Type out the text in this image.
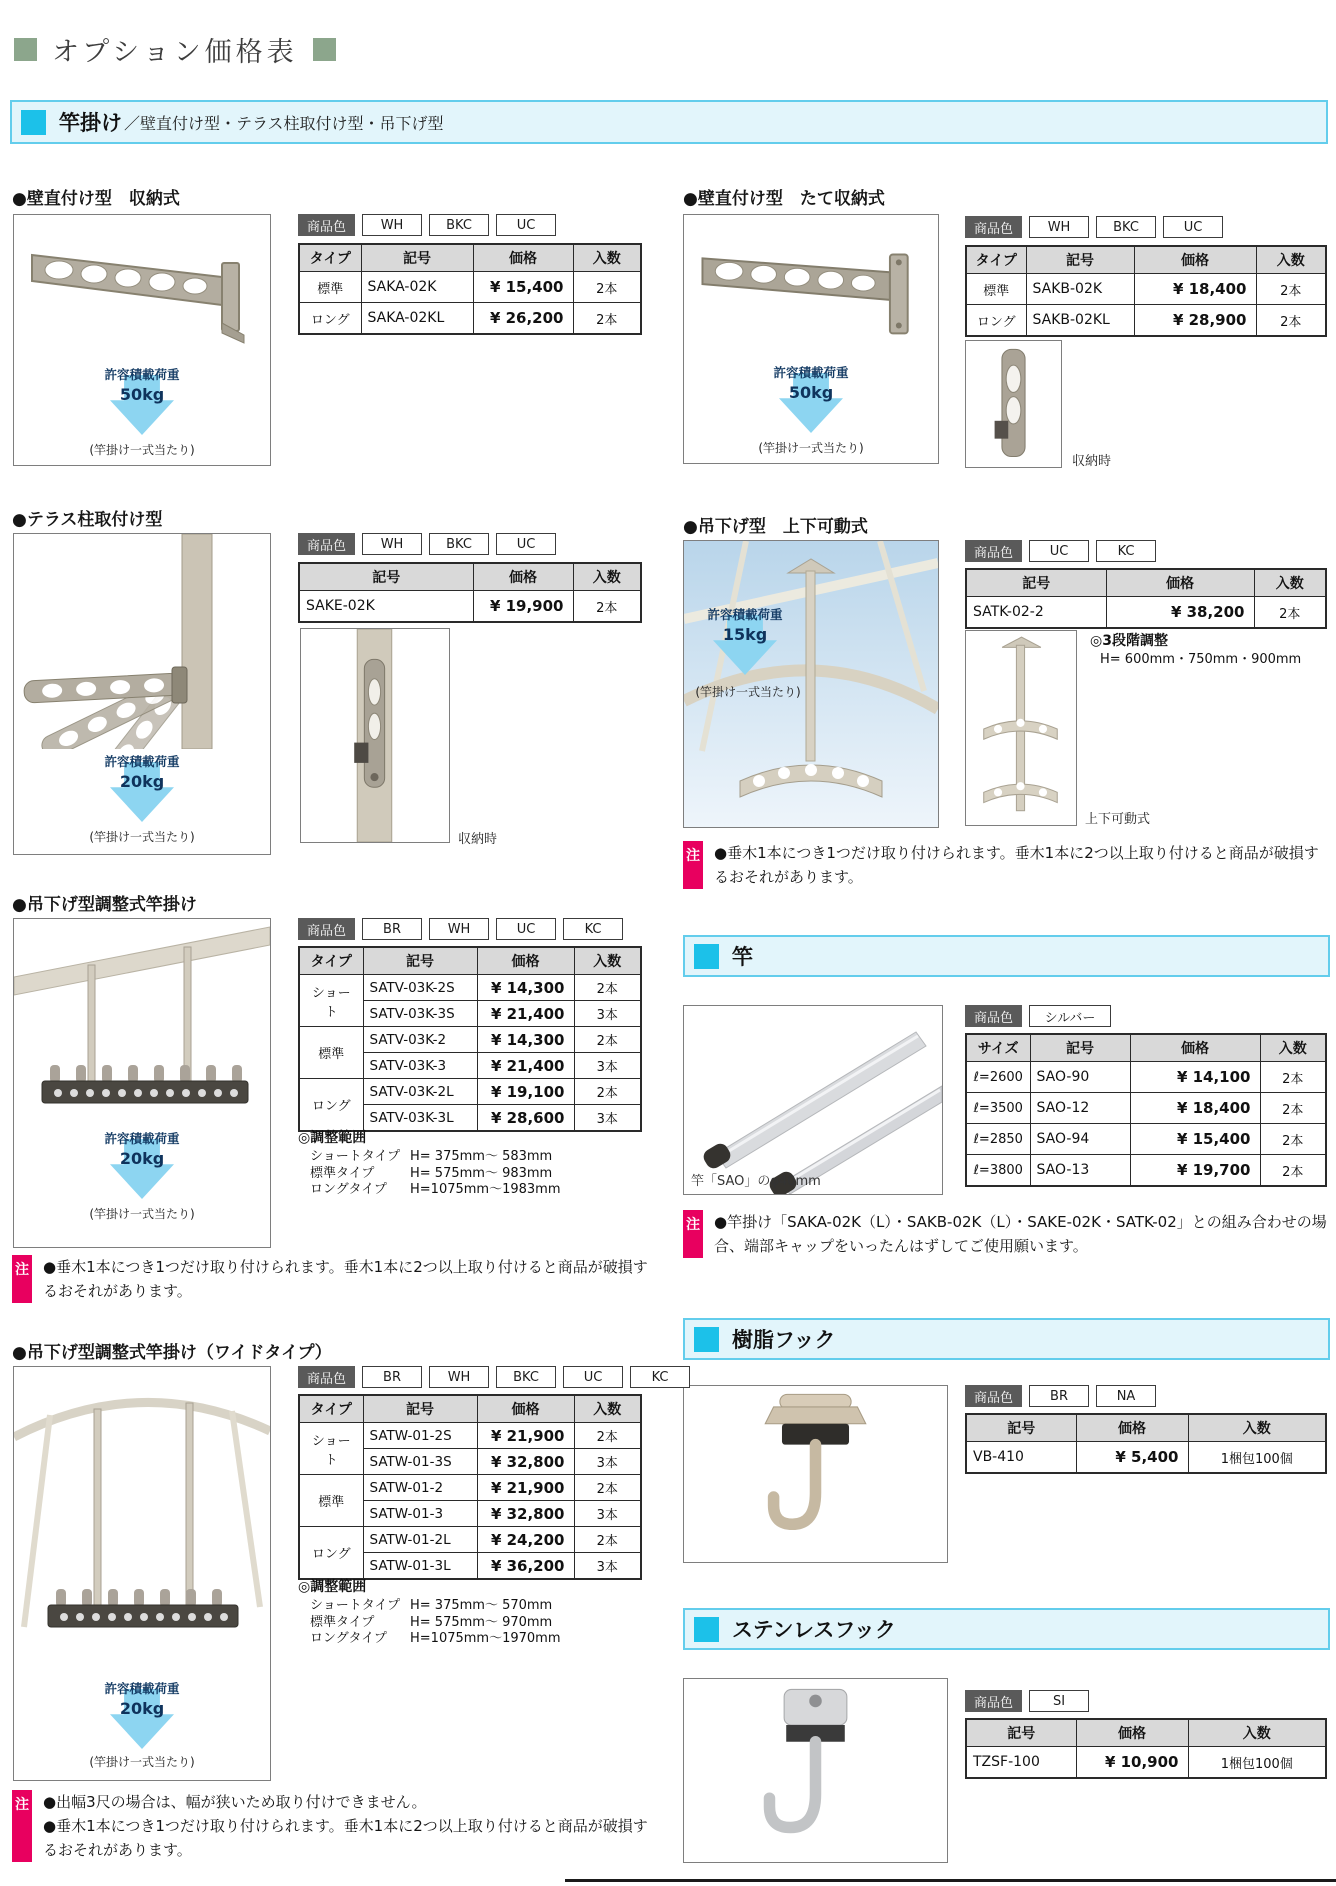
オプション価格表
竿掛け ／壁直付け型・テラス柱取付け型・吊下げ型
●壁直付け型　収納式
許容積載荷重
50kg
(竿掛け一式当たり)
商品色	WH	BKC	UC
タイプ	記号	価格	入数
標準	SAKA-02K	¥ 15,400	2本
ロング	SAKA-02KL	¥ 26,200	2本
●壁直付け型　たて収納式
許容積載荷重
50kg
(竿掛け一式当たり)
商品色	WH	BKC	UC
タイプ	記号	価格	入数
標準	SAKB-02K	¥ 18,400	2本
ロング	SAKB-02KL	¥ 28,900	2本
収納時
●テラス柱取付け型
許容積載荷重
20kg
(竿掛け一式当たり)
商品色	WH	BKC	UC
記号	価格	入数
SAKE-02K	¥ 19,900	2本
収納時
●吊下げ型　上下可動式
許容積載荷重
15kg
(竿掛け一式当たり)
商品色	UC	KC
記号	価格	入数
SATK-02-2	¥ 38,200	2本
◎3段階調整
H= 600mm・750mm・900mm
上下可動式
注 ●垂木1本につき1つだけ取り付けられます。垂木1本に2つ以上取り付けると商品が破損するおそれがあります。
●吊下げ型調整式竿掛け
許容積載荷重
20kg
(竿掛け一式当たり)
商品色	BR	WH	UC	KC
タイプ	記号	価格	入数
ショート	SATV-03K-2S	¥ 14,300	2本
	SATV-03K-3S	¥ 21,400	3本
標準	SATV-03K-2	¥ 14,300	2本
	SATV-03K-3	¥ 21,400	3本
ロング	SATV-03K-2L	¥ 19,100	2本
	SATV-03K-3L	¥ 28,600	3本
◎調整範囲
ショートタイプ H= 375mm～ 583mm
標準タイプ	H= 575mm～ 983mm
ロングタイプ	H=1075mm～1983mm
注 ●垂木1本につき1つだけ取り付けられます。垂木1本に2つ以上取り付けると商品が破損するおそれがあります。
竿
竿「SAO」のφ40mm
商品色	シルバー
サイズ	記号	価格	入数
ℓ=2600	SAO-90	¥ 14,100	2本
ℓ=3500	SAO-12	¥ 18,400	2本
ℓ=2850	SAO-94	¥ 15,400	2本
ℓ=3800	SAO-13	¥ 19,700	2本
注 ●竿掛け「SAKA-02K（L）・SAKB-02K（L）・SAKE-02K・SATK-02」との組み合わせの場合、端部キャップをいったんはずしてご使用願います。
樹脂フック
商品色	BR	NA
記号	価格	入数
VB-410	¥ 5,400	1梱包100個
●吊下げ型調整式竿掛け（ワイドタイプ）
許容積載荷重
20kg
(竿掛け一式当たり)
商品色	BR	WH	BKC	UC	KC
タイプ	記号	価格	入数
ショート	SATW-01-2S	¥ 21,900	2本
	SATW-01-3S	¥ 32,800	3本
標準	SATW-01-2	¥ 21,900	2本
	SATW-01-3	¥ 32,800	3本
ロング	SATW-01-2L	¥ 24,200	2本
	SATW-01-3L	¥ 36,200	3本
◎調整範囲
ショートタイプ H= 375mm～ 570mm
標準タイプ	H= 575mm～ 970mm
ロングタイプ	H=1075mm～1970mm
注 ●出幅3尺の場合は、幅が狭いため取り付けできません。
●垂木1本につき1つだけ取り付けられます。垂木1本に2つ以上取り付けると商品が破損するおそれがあります。
ステンレスフック
商品色	SI
記号	価格	入数
TZSF-100	¥ 10,900	1梱包100個
